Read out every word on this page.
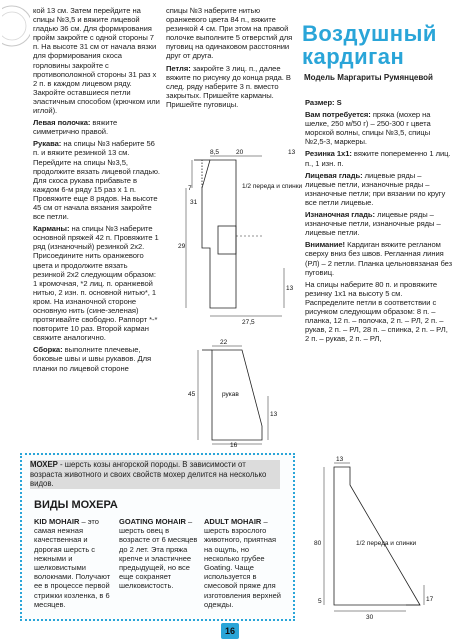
кой 13 см. Затем перейдите на спицы №3,5 и вяжите лицевой гладью 36 см. Для формирования пройм закройте с одной стороны 7 п. На высоте 31 см от начала вязки для формирования скоса горловины закройте с противоположной стороны 31 раз х 2 п. в каждом лицевом ряду. Закройте оставшиеся петли эластичным способом (крючком или иглой).

Левая полочка: вяжите симметрично правой.

Рукава: на спицы №3 наберите 56 п. и вяжите резинкой 13 см. Перейдите на спицы №3,5, продолжите вязать лицевой гладью. Для скоса рукава прибавьте в каждом 6-м ряду 15 раз х 1 п. Провяжите еще 8 рядов. На высоте 45 см от начала вязания закройте все петли.

Карманы: на спицы №3 наберите основной пряжей 42 п. Провяжите 1 ряд (изнаночный) резинкой 2х2. Присоедините нить оранжевого цвета и продолжите вязать резинкой 2х2 следующим образом: 1 кромочная, *2 лиц. п. оранжевой нитью, 2 изн. п. основной нитью*, 1 кром. На изнаночной стороне основную нить (сине-зеленая) протягивайте свободно. Раппорт *-* повторите 10 раз. Второй карман свяжите аналогично.

Сборка: выполните плечевые, боковые швы и швы рукавов. Для планки по лицевой стороне

спицы №3 наберите нитью оранжевого цвета 84 п., вяжите резинкой 4 см. При этом на правой полочке выполните 5 отверстий для пуговиц на одинаковом расстоянии друг от друга.

Петля: закройте 3 лиц. п., далее вяжите по рисунку до конца ряда. В след. ряду наберите 3 п. вместо закрытых. Пришейте карманы. Пришейте пуговицы.

8,5	20	13
7
31
29
13
27,5
1/2 переда и спинки
22
45
13
16
рукав
Воздушный
кардиган
Модель Маргариты Румянцевой

Размер: S

Вам потребуется: пряжа (мохер на шелке, 250 м/50 г) – 250-300 г цвета морской волны, спицы №3,5, спицы №2,5-3, маркеры.

Резинка 1х1: вяжите попеременно 1 лиц. п., 1 изн. п.

Лицевая гладь: лицевые ряды – лицевые петли, изнаночные ряды – изнаночные петли; при вязании по кругу все петли лицевые.

Изнаночная гладь: лицевые ряды – изнаночные петли, изнаночные ряды – лицевые петли.

Внимание! Кардиган вяжите регланом сверху вниз без швов. Регланная линия (РЛ) – 2 петли. Планка цельновязаная без пуговиц.

На спицы наберите 80 п. и провяжите резинку 1х1 на высоту 5 см. Распределите петли в соответствии с рисунком следующим образом: 8 п. – планка, 12 п. – полочка, 2 п. – РЛ, 2 п. – рукав, 2 п. – РЛ, 28 п. – спинка, 2 п. – РЛ, 2 п. – рукав, 2 п. – РЛ,

13
80
5
30
17
1/2 переда и спинки
МОХЕР - шерсть козы ангорской породы. В зависимости от возраста животного и своих свойств мохер делится на несколько видов.
ВИДЫ МОХЕРА
KID MOHAIR – это самая нежная качественная и дорогая шерсть с нежными и шелковистыми волокнами. Получают ее в процессе первой стрижки козленка, в 6 месяцев.
GOATING MOHAIR – шерсть овец в возрасте от 6 месяцев до 2 лет. Эта пряжа крепче и эластичнее предыдущей, но все еще сохраняет шелковистость.
ADULT MOHAIR – шерсть взрослого животного, приятная на ощупь, но несколько грубее Goating. Чаще используется в смесовой пряже для изготовления верхней одежды.
16
